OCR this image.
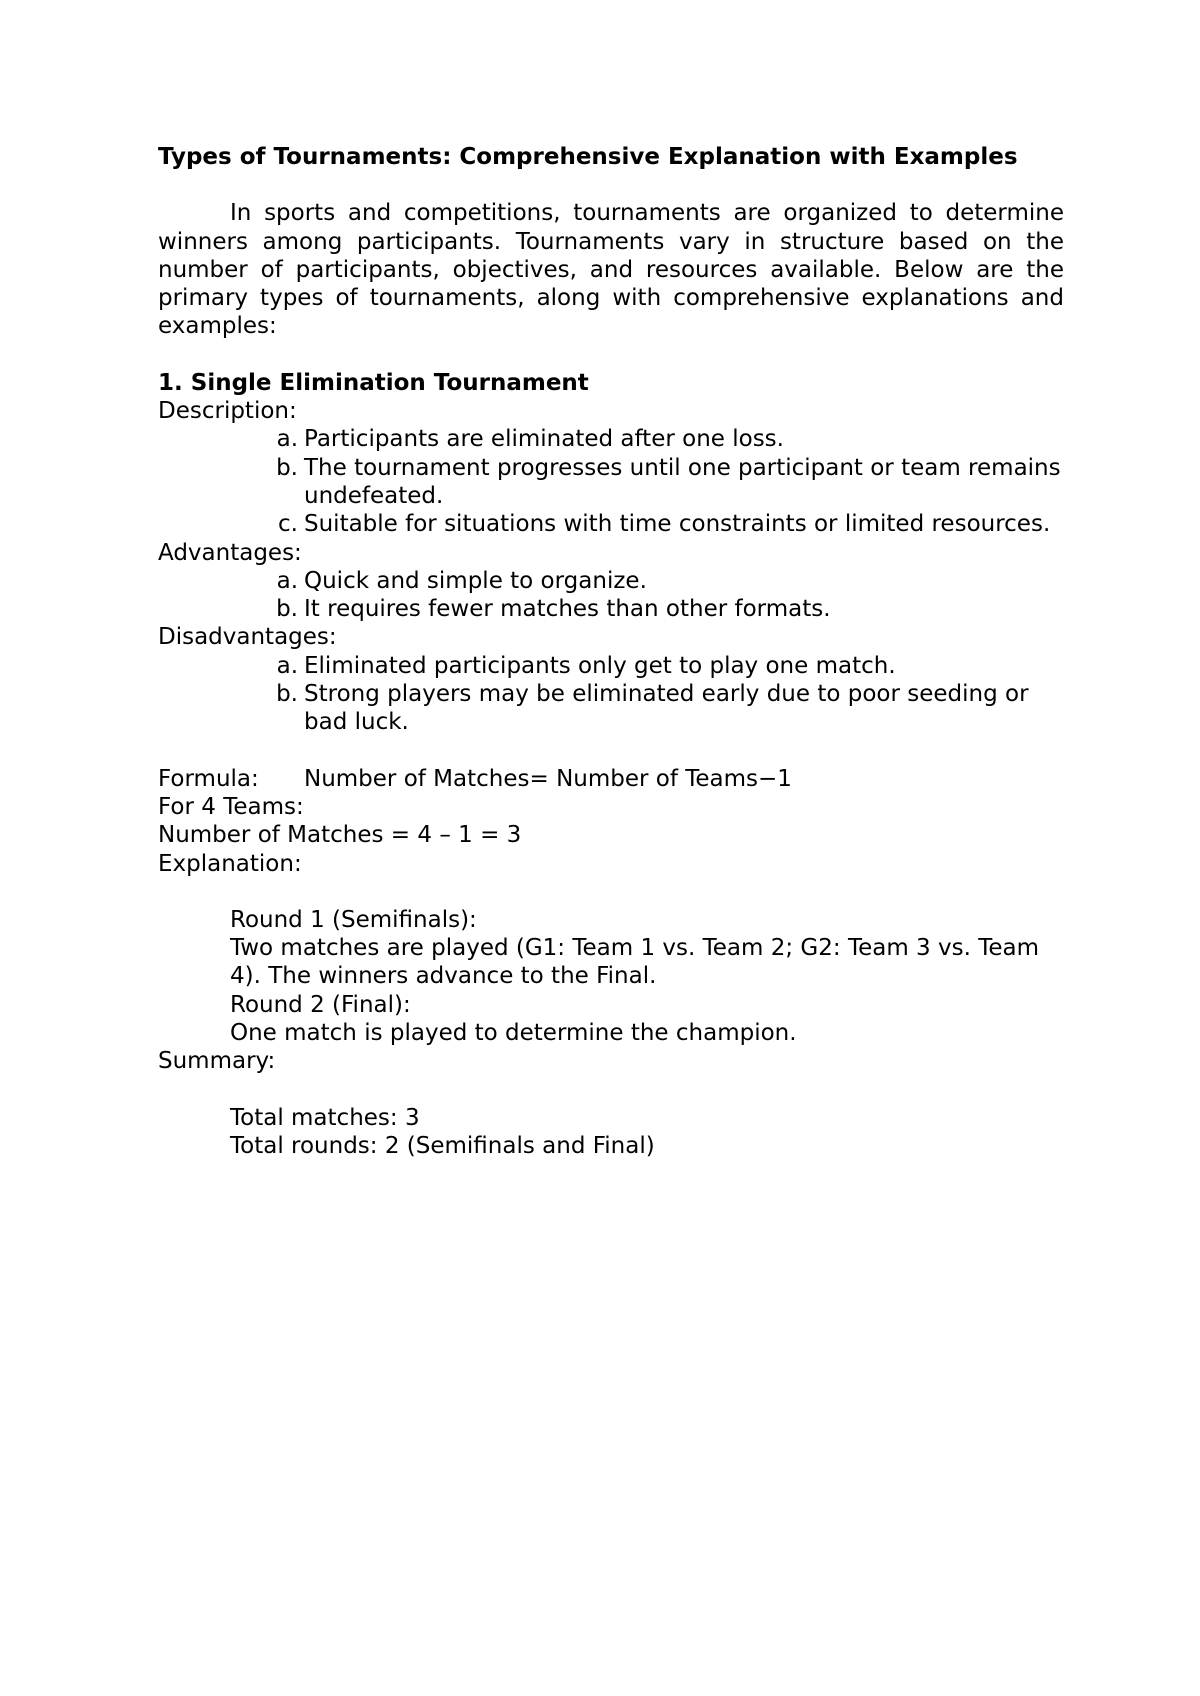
Types of Tournaments: Comprehensive Explanation with Examples

In sports and competitions, tournaments are organized to determine winners among participants. Tournaments vary in structure based on the number of participants, objectives, and resources available. Below are the primary types of tournaments, along with comprehensive explanations and examples:

1. Single Elimination Tournament

Description:

a. Participants are eliminated after one loss.
b. The tournament progresses until one participant or team remains undefeated.
c. Suitable for situations with time constraints or limited resources.

Advantages:

a. Quick and simple to organize.
b. It requires fewer matches than other formats.

Disadvantages:

a. Eliminated participants only get to play one match.
b. Strong players may be eliminated early due to poor seeding or bad luck.
Formula:	Number of Matches= Number of Teams−1

For 4 Teams:

Number of Matches = 4 – 1 = 3

Explanation:

Round 1 (Semifinals):

Two matches are played (G1: Team 1 vs. Team 2; G2: Team 3 vs. Team 4). The winners advance to the Final.

Round 2 (Final):

One match is played to determine the champion.

Summary:

Total matches: 3

Total rounds: 2 (Semifinals and Final)
